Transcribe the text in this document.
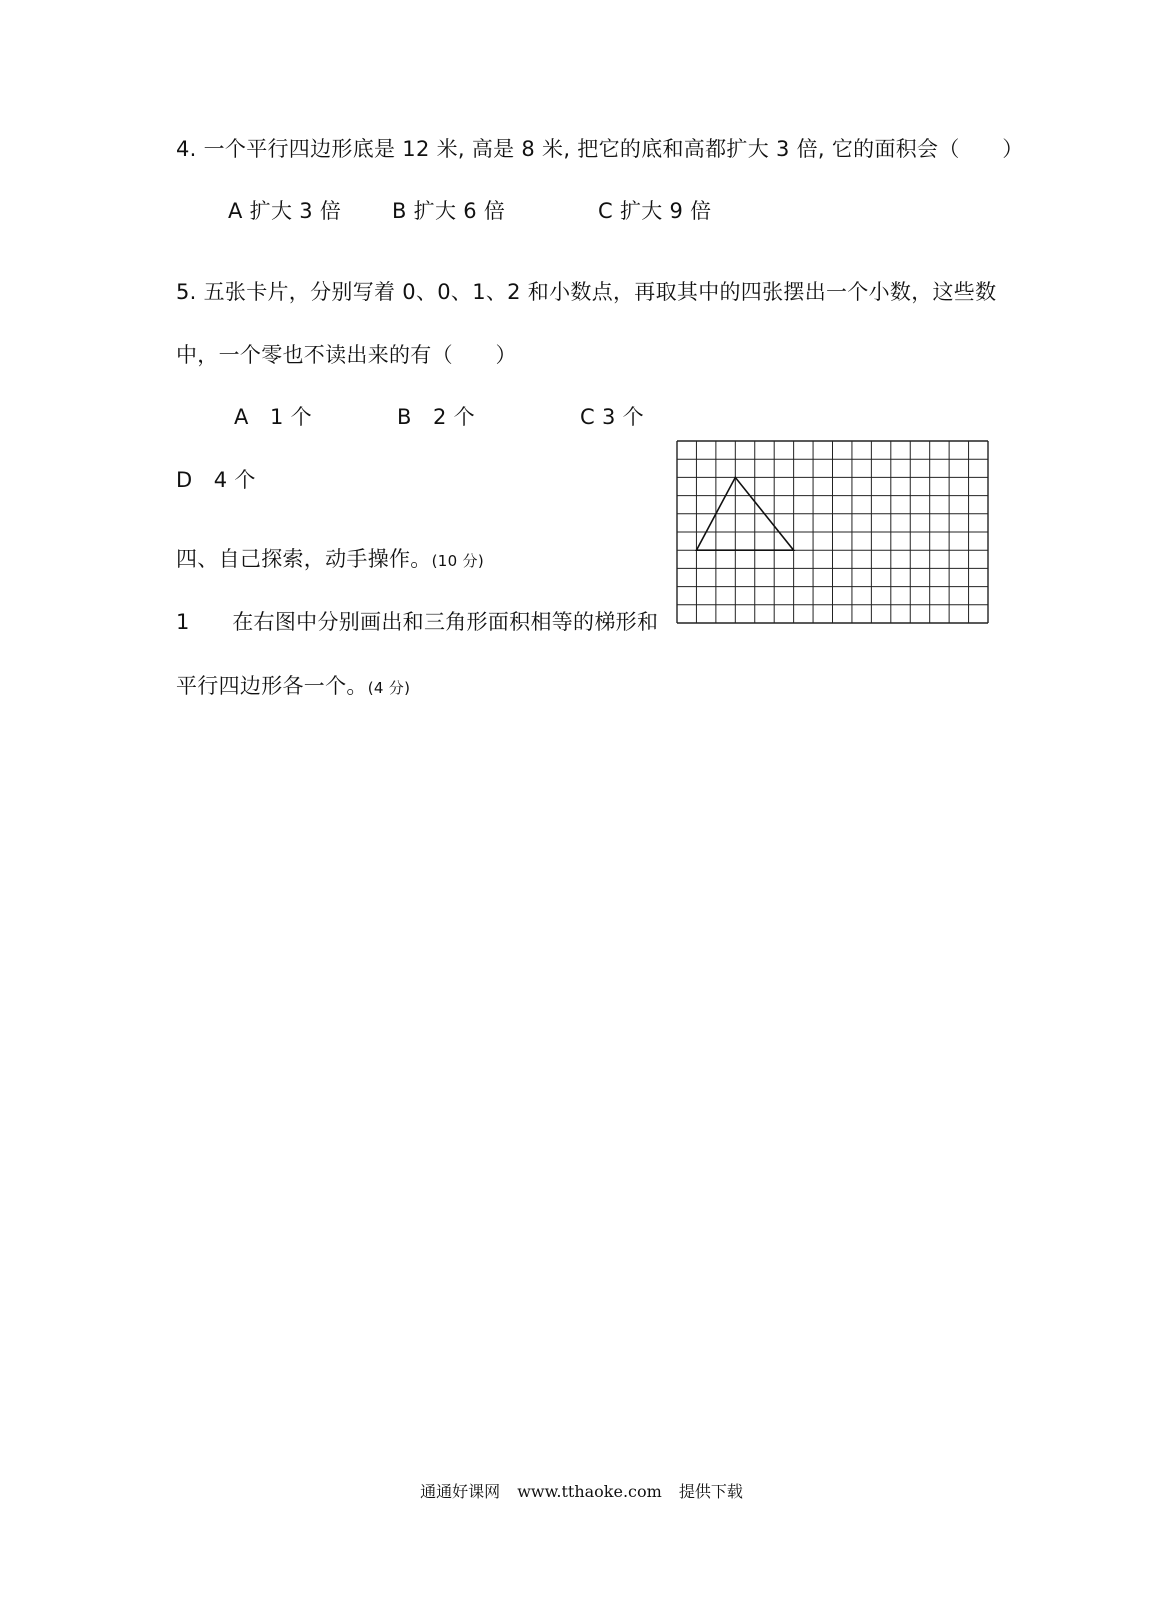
4. 一个平行四边形底是 12 米, 高是 8 米, 把它的底和高都扩大 3 倍, 它的面积会（　　）
A 扩大 3 倍 B 扩大 6 倍	C 扩大 9 倍
5. 五张卡片，分别写着 0、0、1、2 和小数点，再取其中的四张摆出一个小数，这些数
中，一个零也不读出来的有（　　）
A　1 个	B　2 个	C 3 个
D　4 个
四、自己探索，动手操作。(10 分)
1　　在右图中分别画出和三角形面积相等的梯形和
平行四边形各一个。(4 分)
通通好课网 www.tthaoke.com 提供下载
